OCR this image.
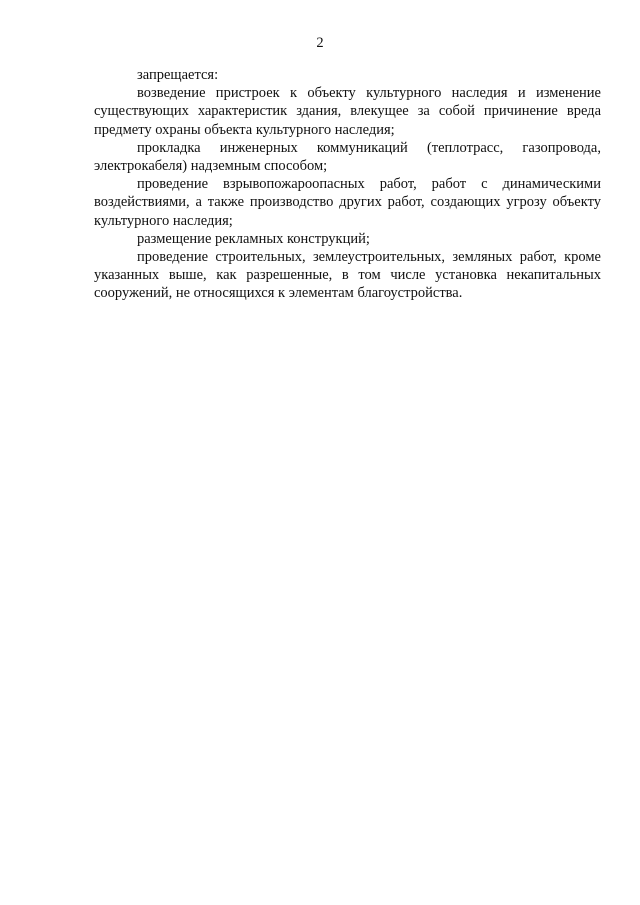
2

запрещается:

возведение пристроек к объекту культурного наследия и изменение существующих характеристик здания, влекущее за собой причинение вреда предмету охраны объекта культурного наследия;

прокладка инженерных коммуникаций (теплотрасс, газопровода, электрокабеля) надземным способом;

проведение взрывопожароопасных работ, работ с динамическими воздействиями, а также производство других работ, создающих угрозу объекту культурного наследия;

размещение рекламных конструкций;

проведение строительных, землеустроительных, земляных работ, кроме указанных выше, как разрешенные, в том числе установка некапитальных сооружений, не относящихся к элементам благоустройства.
